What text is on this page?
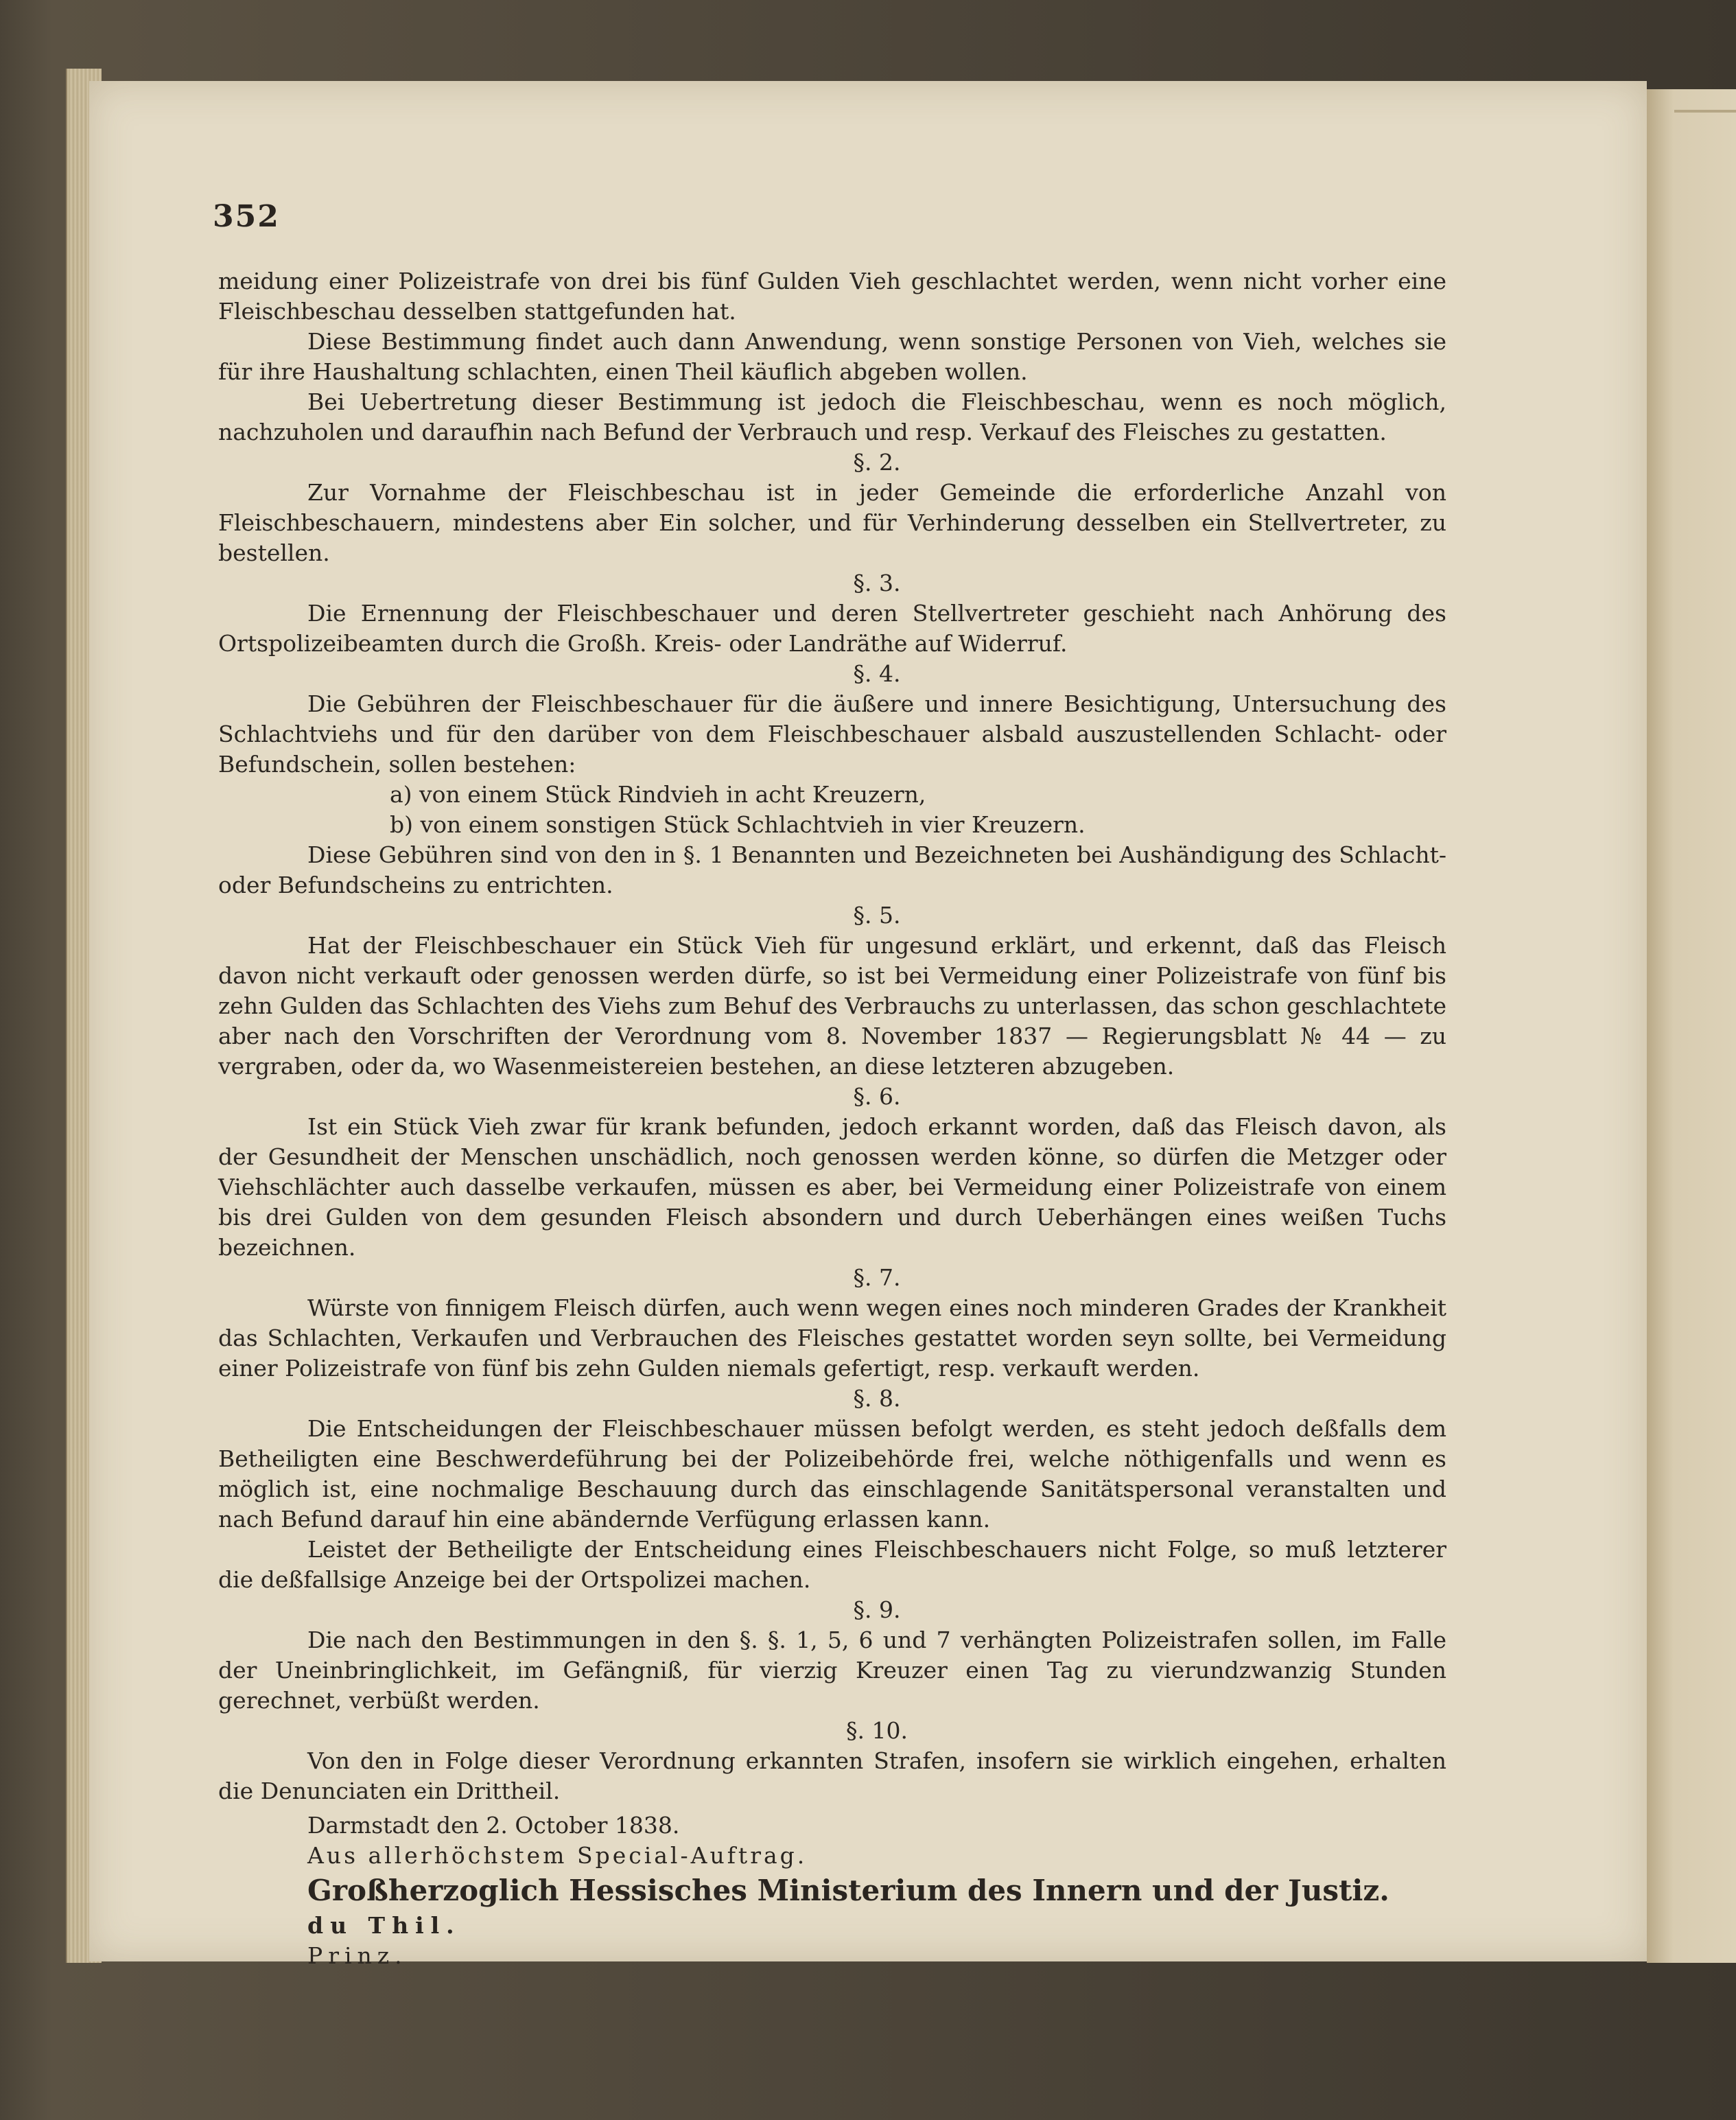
352

meidung einer Polizeistrafe von drei bis fünf Gulden Vieh geschlachtet werden, wenn nicht vorher eine Fleischbeschau desselben stattgefunden hat.

Diese Bestimmung findet auch dann Anwendung, wenn sonstige Personen von Vieh, welches sie für ihre Haushaltung schlachten, einen Theil käuflich abgeben wollen.

Bei Uebertretung dieser Bestimmung ist jedoch die Fleischbeschau, wenn es noch möglich, nachzuholen und daraufhin nach Befund der Verbrauch und resp. Verkauf des Fleisches zu gestatten.

§. 2.

Zur Vornahme der Fleischbeschau ist in jeder Gemeinde die erforderliche Anzahl von Fleischbeschauern, mindestens aber Ein solcher, und für Verhinderung desselben ein Stellvertreter, zu bestellen.

§. 3.

Die Ernennung der Fleischbeschauer und deren Stellvertreter geschieht nach Anhörung des Ortspolizeibeamten durch die Großh. Kreis- oder Landräthe auf Widerruf.

§. 4.

Die Gebühren der Fleischbeschauer für die äußere und innere Besichtigung, Untersuchung des Schlachtviehs und für den darüber von dem Fleischbeschauer alsbald auszustellenden Schlacht- oder Befundschein, sollen bestehen:

a) von einem Stück Rindvieh in acht Kreuzern,

b) von einem sonstigen Stück Schlachtvieh in vier Kreuzern.

Diese Gebühren sind von den in §. 1 Benannten und Bezeichneten bei Aushändigung des Schlacht- oder Befundscheins zu entrichten.

§. 5.

Hat der Fleischbeschauer ein Stück Vieh für ungesund erklärt, und erkennt, daß das Fleisch davon nicht verkauft oder genossen werden dürfe, so ist bei Vermeidung einer Polizeistrafe von fünf bis zehn Gulden das Schlachten des Viehs zum Behuf des Verbrauchs zu unterlassen, das schon geschlachtete aber nach den Vorschriften der Verordnung vom 8. November 1837 — Regierungsblatt № 44 — zu vergraben, oder da, wo Wasenmeistereien bestehen, an diese letzteren abzugeben.

§. 6.

Ist ein Stück Vieh zwar für krank befunden, jedoch erkannt worden, daß das Fleisch davon, als der Gesundheit der Menschen unschädlich, noch genossen werden könne, so dürfen die Metzger oder Viehschlächter auch dasselbe verkaufen, müssen es aber, bei Vermeidung einer Polizeistrafe von einem bis drei Gulden von dem gesunden Fleisch absondern und durch Ueberhängen eines weißen Tuchs bezeichnen.

§. 7.

Würste von finnigem Fleisch dürfen, auch wenn wegen eines noch minderen Grades der Krankheit das Schlachten, Verkaufen und Verbrauchen des Fleisches gestattet worden seyn sollte, bei Vermeidung einer Polizeistrafe von fünf bis zehn Gulden niemals gefertigt, resp. verkauft werden.

§. 8.

Die Entscheidungen der Fleischbeschauer müssen befolgt werden, es steht jedoch deßfalls dem Betheiligten eine Beschwerdeführung bei der Polizeibehörde frei, welche nöthigenfalls und wenn es möglich ist, eine nochmalige Beschauung durch das einschlagende Sanitätspersonal veranstalten und nach Befund darauf hin eine abändernde Verfügung erlassen kann.

Leistet der Betheiligte der Entscheidung eines Fleischbeschauers nicht Folge, so muß letzterer die deßfallsige Anzeige bei der Ortspolizei machen.

§. 9.

Die nach den Bestimmungen in den §. §. 1, 5, 6 und 7 verhängten Polizeistrafen sollen, im Falle der Uneinbringlichkeit, im Gefängniß, für vierzig Kreuzer einen Tag zu vierundzwanzig Stunden gerechnet, verbüßt werden.

§. 10.

Von den in Folge dieser Verordnung erkannten Strafen, insofern sie wirklich eingehen, erhalten die Denunciaten ein Drittheil.

Darmstadt den 2. October 1838.

Aus allerhöchstem Special-Auftrag.

Großherzoglich Hessisches Ministerium des Innern und der Justiz.

du Thil.

Prinz.
